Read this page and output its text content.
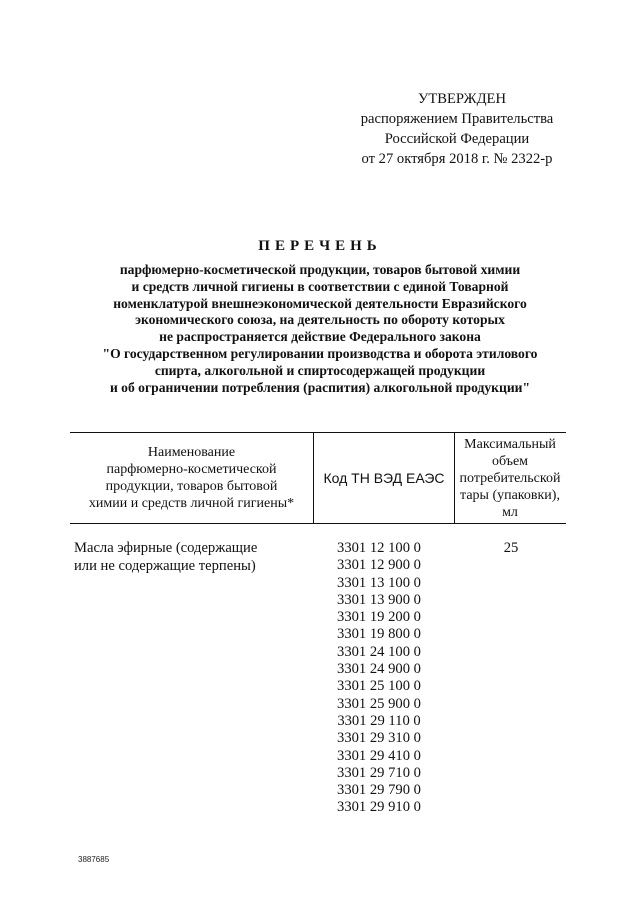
УТВЕРЖДЕН
распоряжением Правительства
Российской Федерации
от 27 октября 2018 г. № 2322-р
ПЕРЕЧЕНЬ
парфюмерно-косметической продукции, товаров бытовой химии
и средств личной гигиены в соответствии с единой Товарной
номенклатурой внешнеэкономической деятельности Евразийского
экономического союза, на деятельность по обороту которых
не распространяется действие Федерального закона
"О государственном регулировании производства и оборота этилового
спирта, алкогольной и спиртосодержащей продукции
и об ограничении потребления (распития) алкогольной продукции"
Наименование
парфюмерно-косметической
продукции, товаров бытовой
химии и средств личной гигиены*
Код ТН ВЭД ЕАЭС
Максимальный
объем
потребительской
тары (упаковки),
мл
Масла эфирные (содержащие
или не содержащие терпены)
3301 12 100 0
3301 12 900 0
3301 13 100 0
3301 13 900 0
3301 19 200 0
3301 19 800 0
3301 24 100 0
3301 24 900 0
3301 25 100 0
3301 25 900 0
3301 29 110 0
3301 29 310 0
3301 29 410 0
3301 29 710 0
3301 29 790 0
3301 29 910 0
25
3887685
